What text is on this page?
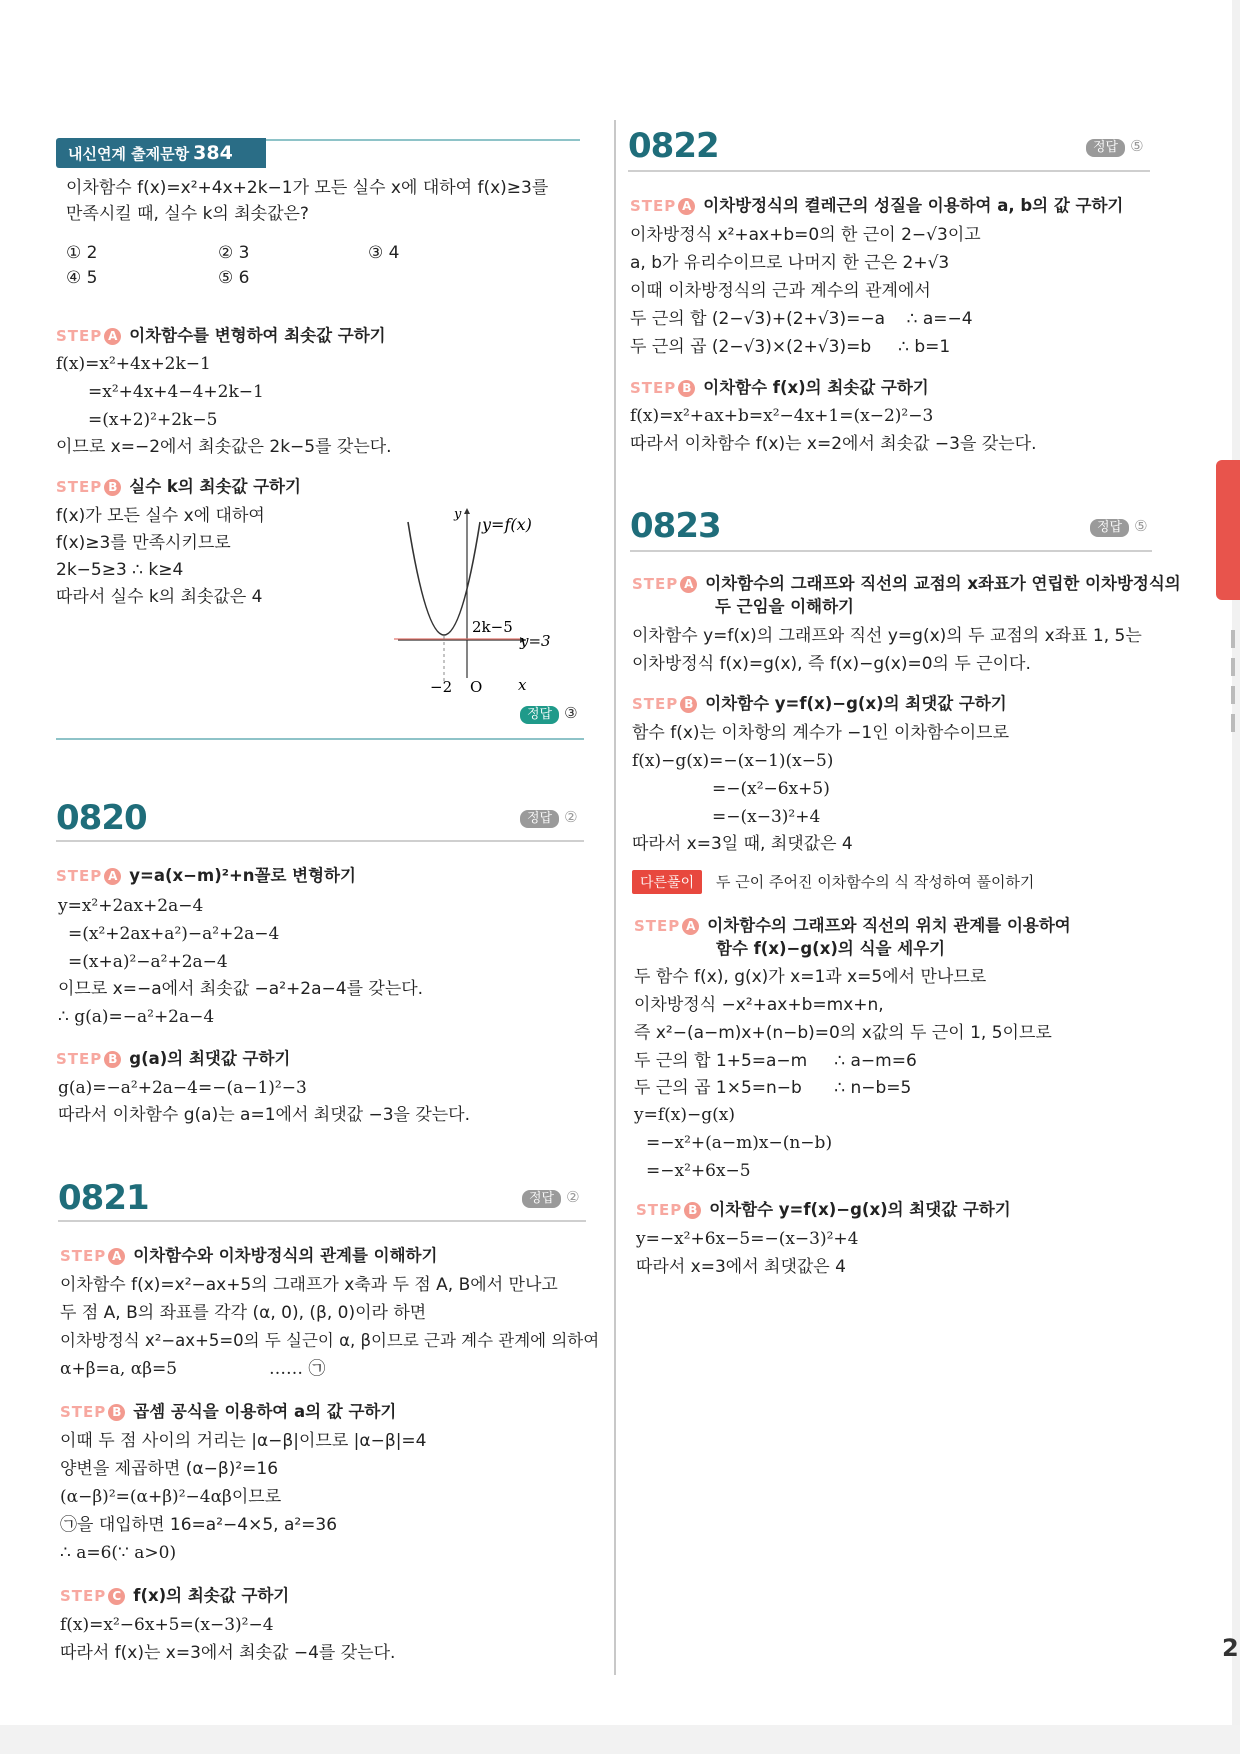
내신연계 출제문항 384
이차함수 f(x)=x²+4x+2k−1가 모든 실수 x에 대하여 f(x)≥3를
만족시킬 때, 실수 k의 최솟값은?
① 2	② 3	③ 4
④ 5	⑤ 6
STEP A 이차함수를 변형하여 최솟값 구하기
f(x)=x²+4x+2k−1
=x²+4x+4−4+2k−1
=(x+2)²+2k−5
이므로 x=−2에서 최솟값은 2k−5를 갖는다.
STEP B 실수 k의 최솟값 구하기
f(x)가 모든 실수 x에 대하여
f(x)≥3를 만족시키므로
2k−5≥3 ∴ k≥4
따라서 실수 k의 최솟값은 4
y=f(x)
2k−5
y=3
−2 O x
y
정답 ③
0820	정답 ②
STEP A y=a(x−m)²+n꼴로 변형하기
y=x²+2ax+2a−4
=(x²+2ax+a²)−a²+2a−4
=(x+a)²−a²+2a−4
이므로 x=−a에서 최솟값 −a²+2a−4를 갖는다.
∴ g(a)=−a²+2a−4
STEP B g(a)의 최댓값 구하기
g(a)=−a²+2a−4=−(a−1)²−3
따라서 이차함수 g(a)는 a=1에서 최댓값 −3을 갖는다.
0821	정답 ②
STEP A 이차함수와 이차방정식의 관계를 이해하기
이차함수 f(x)=x²−ax+5의 그래프가 x축과 두 점 A, B에서 만나고
두 점 A, B의 좌표를 각각 (α, 0), (β, 0)이라 하면
이차방정식 x²−ax+5=0의 두 실근이 α, β이므로 근과 계수 관계에 의하여
α+β=a, αβ=5                 …… ㉠
STEP B 곱셈 공식을 이용하여 a의 값 구하기
이때 두 점 사이의 거리는 |α−β|이므로 |α−β|=4
양변을 제곱하면 (α−β)²=16
(α−β)²=(α+β)²−4αβ이므로
㉠을 대입하면 16=a²−4×5, a²=36
∴ a=6(∵ a>0)
STEP C f(x)의 최솟값 구하기
f(x)=x²−6x+5=(x−3)²−4
따라서 f(x)는 x=3에서 최솟값 −4를 갖는다.
0822	정답 ⑤
STEP A 이차방정식의 켤레근의 성질을 이용하여 a, b의 값 구하기
이차방정식 x²+ax+b=0의 한 근이 2−√3이고
a, b가 유리수이므로 나머지 한 근은 2+√3
이때 이차방정식의 근과 계수의 관계에서
두 근의 합 (2−√3)+(2+√3)=−a    ∴ a=−4
두 근의 곱 (2−√3)×(2+√3)=b     ∴ b=1
STEP B 이차함수 f(x)의 최솟값 구하기
f(x)=x²+ax+b=x²−4x+1=(x−2)²−3
따라서 이차함수 f(x)는 x=2에서 최솟값 −3을 갖는다.
0823	정답 ⑤
STEP A 이차함수의 그래프와 직선의 교점의 x좌표가 연립한 이차방정식의
두 근임을 이해하기
이차함수 y=f(x)의 그래프와 직선 y=g(x)의 두 교점의 x좌표 1, 5는
이차방정식 f(x)=g(x), 즉 f(x)−g(x)=0의 두 근이다.
STEP B 이차함수 y=f(x)−g(x)의 최댓값 구하기
함수 f(x)는 이차항의 계수가 −1인 이차함수이므로
f(x)−g(x)=−(x−1)(x−5)
=−(x²−6x+5)
=−(x−3)²+4
따라서 x=3일 때, 최댓값은 4
다른풀이	두 근이 주어진 이차함수의 식 작성하여 풀이하기
STEP A 이차함수의 그래프와 직선의 위치 관계를 이용하여
함수 f(x)−g(x)의 식을 세우기
두 함수 f(x), g(x)가 x=1과 x=5에서 만나므로
이차방정식 −x²+ax+b=mx+n,
즉 x²−(a−m)x+(n−b)=0의 x값의 두 근이 1, 5이므로
두 근의 합 1+5=a−m     ∴ a−m=6
두 근의 곱 1×5=n−b      ∴ n−b=5
y=f(x)−g(x)
=−x²+(a−m)x−(n−b)
=−x²+6x−5
STEP B 이차함수 y=f(x)−g(x)의 최댓값 구하기
y=−x²+6x−5=−(x−3)²+4
따라서 x=3에서 최댓값은 4
2
